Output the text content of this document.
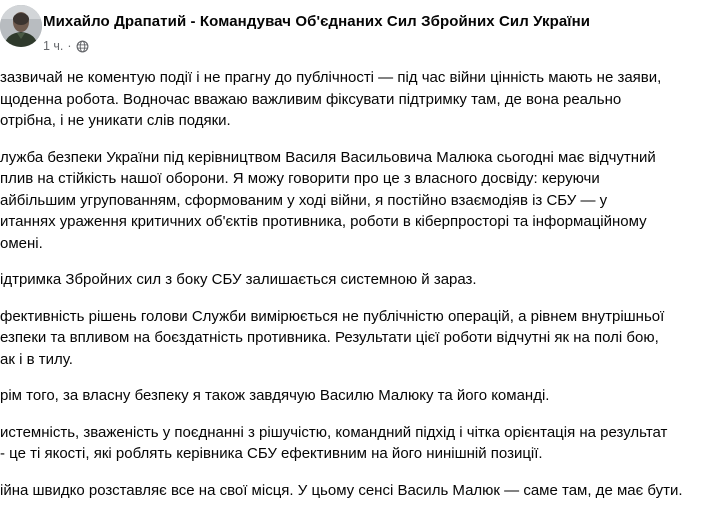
Михайло Драпатий - Командувач Об'єднаних Сил Збройних Сил України
1 ч. ·
зазвичай не коментую події і не прагну до публічності — під час війни цінність мають не заяви,
щоденна робота. Водночас вважаю важливим фіксувати підтримку там, де вона реально
отрібна, і не уникати слів подяки.
лужба безпеки України під керівництвом Василя Васильовича Малюка сьогодні має відчутний
плив на стійкість нашої оборони. Я можу говорити про це з власного досвіду: керуючи
айбільшим угрупованням, сформованим у ході війни, я постійно взаємодіяв із СБУ — у
итаннях ураження критичних об'єктів противника, роботи в кіберпросторі та інформаційному
омені.
ідтримка Збройних сил з боку СБУ залишається системною й зараз.
фективність рішень голови Служби вимірюється не публічністю операцій, а рівнем внутрішньої
езпеки та впливом на боєздатність противника. Результати цієї роботи відчутні як на полі бою,
ак і в тилу.
рім того, за власну безпеку я також завдячую Василю Малюку та його команді.
истемність, зваженість у поєднанні з рішучістю, командний підхід і чітка орієнтація на результат
- це ті якості, які роблять керівника СБУ ефективним на його нинішній позиції.
ійна швидко розставляє все на свої місця. У цьому сенсі Василь Малюк — саме там, де має бути.
